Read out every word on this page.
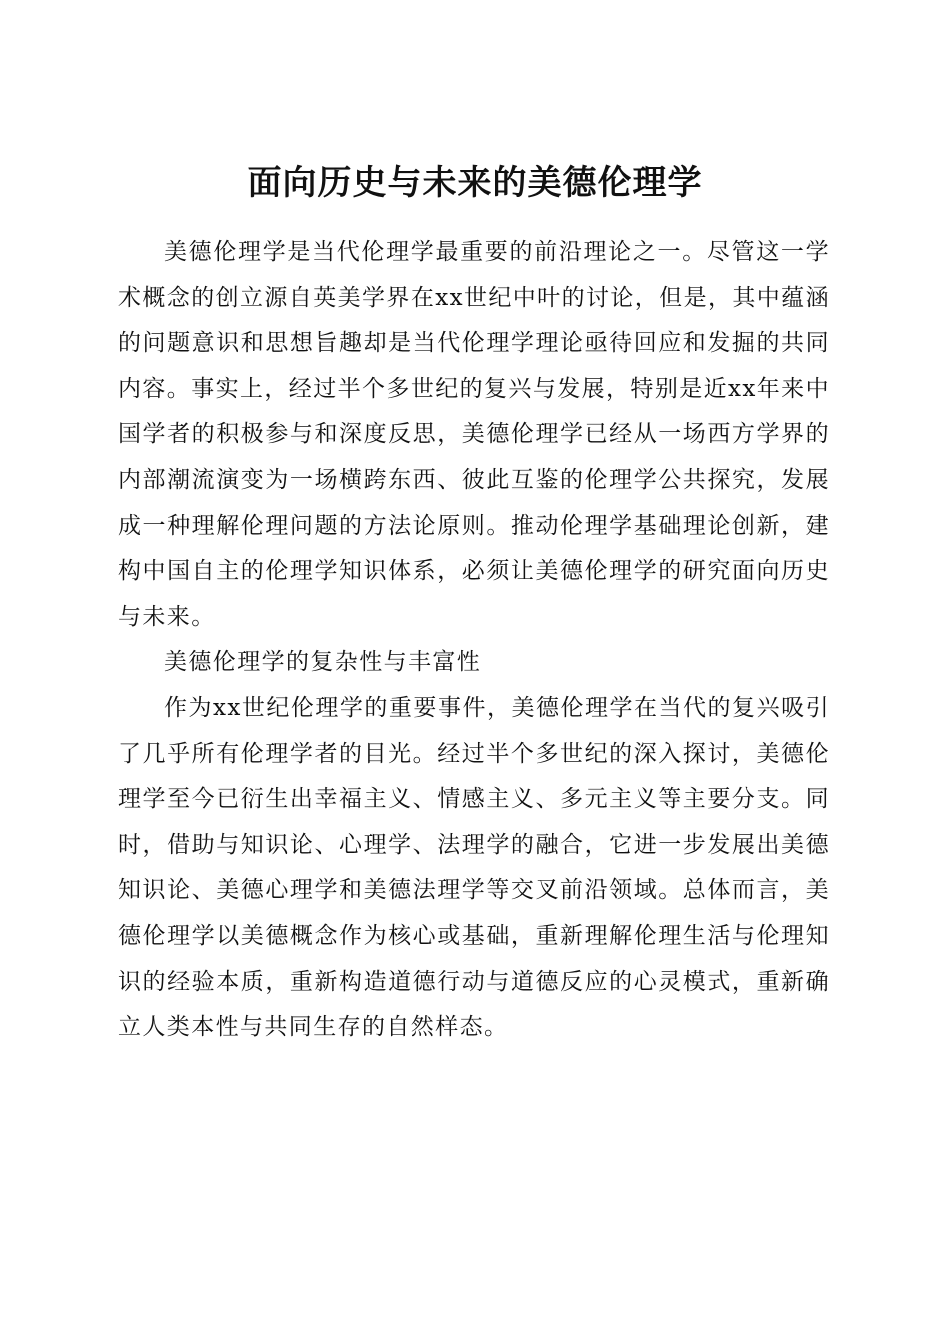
面向历史与未来的美德伦理学

美德伦理学是当代伦理学最重要的前沿理论之一。尽管这一学术概念的创立源自英美学界在xx世纪中叶的讨论，但是，其中蕴涵的问题意识和思想旨趣却是当代伦理学理论亟待回应和发掘的共同内容。事实上，经过半个多世纪的复兴与发展，特别是近xx年来中国学者的积极参与和深度反思，美德伦理学已经从一场西方学界的内部潮流演变为一场横跨东西、彼此互鉴的伦理学公共探究，发展成一种理解伦理问题的方法论原则。推动伦理学基础理论创新，建构中国自主的伦理学知识体系，必须让美德伦理学的研究面向历史与未来。

美德伦理学的复杂性与丰富性

作为xx世纪伦理学的重要事件，美德伦理学在当代的复兴吸引了几乎所有伦理学者的目光。经过半个多世纪的深入探讨，美德伦理学至今已衍生出幸福主义、情感主义、多元主义等主要分支。同时，借助与知识论、心理学、法理学的融合，它进一步发展出美德知识论、美德心理学和美德法理学等交叉前沿领域。总体而言，美德伦理学以美德概念作为核心或基础，重新理解伦理生活与伦理知识的经验本质，重新构造道德行动与道德反应的心灵模式，重新确立人类本性与共同生存的自然样态。
